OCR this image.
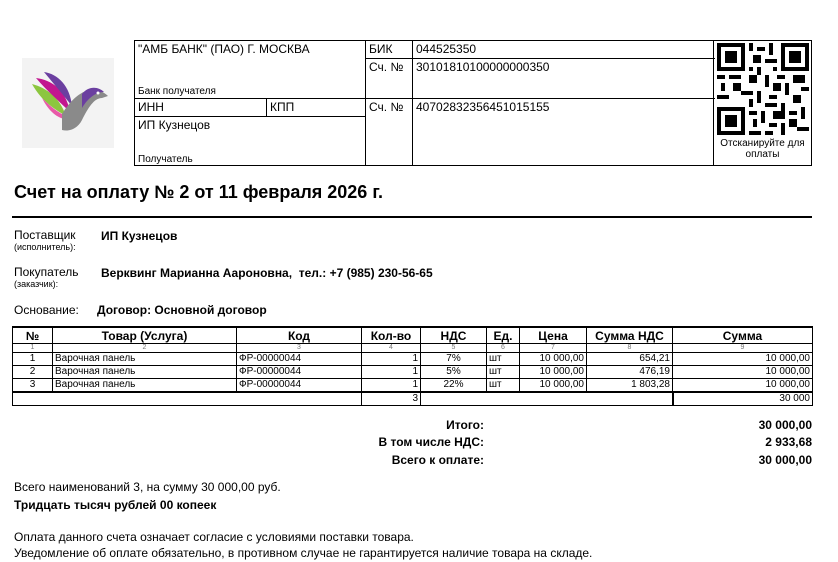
"АМБ БАНК" (ПАО) Г. МОСКВА
Банк получателя
БИК	044525350
Сч. №	30101810100000000350
ИНН	КПП	Сч. №	40702832356451015155
ИП Кузнецов
Получатель
Отсканируйте для оплаты
Счет на оплату № 2 от 11 февраля 2026 г.
Поставщик
(исполнитель):
ИП Кузнецов
Покупатель
(заказчик):
Верквинг Марианна Аароновна,  тел.: +7 (985) 230-56-65
Основание: Договор: Основной договор
№	Товар (Услуга)	Код	Кол-во	НДС	Ед.	Цена	Сумма НДС	Сумма
1	2	3	4	5	6	7	8	9
1	Варочная панель	ФР-00000044	1	7%	шт	10 000,00	654,21	10 000,00
2	Варочная панель	ФР-00000044	1	5%	шт	10 000,00	476,19	10 000,00
3	Варочная панель	ФР-00000044	1	22%	шт	10 000,00	1 803,28	10 000,00
			3					30 000
Итого:	30 000,00
В том числе НДС:	2 933,68
Всего к оплате:	30 000,00
Всего наименований 3, на сумму 30 000,00 руб.
Тридцать тысяч рублей 00 копеек
Оплата данного счета означает согласие с условиями поставки товара.
Уведомление об оплате обязательно, в противном случае не гарантируется наличие товара на складе.
